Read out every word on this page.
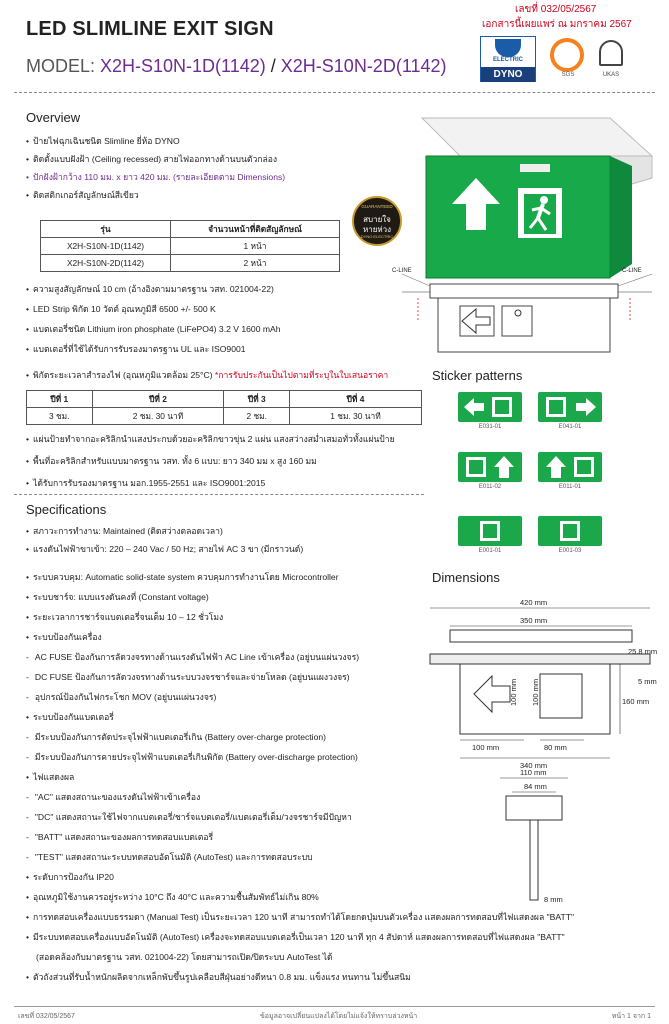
LED SLIMLINE EXIT SIGN
MODEL: X2H-S10N-1D(1142) / X2H-S10N-2D(1142)
เลขที่ 032/05/2567
เอกสารนี้เผยแพร่ ณ มกราคม 2567
ELECTRIC
DYNO	SGS	UKAS
Overview
• ป้ายไฟฉุกเฉินชนิด Slimline ยี่ห้อ DYNO
• ติดตั้งแบบฝังฝ้า (Ceiling recessed) สายไฟออกทางด้านบนตัวกล่อง
• ปักฝังฝ้ากว้าง 110 มม. x ยาว 420 มม. (รายละเอียดตาม Dimensions)
• ติดสติกเกอร์สัญลักษณ์สีเขียว
รุ่น	จำนวนหน้าที่ติดสัญลักษณ์
X2H-S10N-1D(1142)	1 หน้า
X2H-S10N-2D(1142)	2 หน้า
• ความสูงสัญลักษณ์ 10 cm (อ้างอิงตามมาตรฐาน วสท. 021004-22)
• LED Strip พิกัด 10 วัตต์ อุณหภูมิสี 6500 +/- 500 K
• แบตเตอรี่ชนิด Lithium iron phosphate (LiFePO4) 3.2 V 1600 mAh
• แบตเตอรี่ที่ใช้ได้รับการรับรองมาตรฐาน UL และ ISO9001
• พิกัดระยะเวลาสำรองไฟ (อุณหภูมิแวดล้อม 25°C) *การรับประกันเป็นไปตามที่ระบุในใบเสนอราคา
ปีที่ 1	ปีที่ 2	ปีที่ 3	ปีที่ 4
3 ชม.	2 ชม. 30 นาที	2 ชม.	1 ชม. 30 นาที
• แผ่นป้ายทำจากอะคริลิกนำแสงประกบด้วยอะคริลิกขาวขุ่น 2 แผ่น แสงสว่างสม่ำเสมอทั่วทั้งแผ่นป้าย
• พื้นที่อะคริลิกสำหรับแบบมาตรฐาน วสท. ทั้ง 6 แบบ: ยาว 340 มม x สูง 160 มม
• ได้รับการรับรองมาตรฐาน มอก.1955-2551 และ ISO9001:2015
GUARANTEED
สบายใจ
หายห่วง
DYNO ELECTRIC
C-LINE	C-LINE
Sticker patterns
E031-01	E041-01
E011-02	E011-01
E001-01	E001-03
Dimensions
420 mm
350 mm
25.8 mm
5 mm
160 mm
100 mm 100 mm
100 mm	80 mm
340 mm
110 mm
84 mm
8 mm
Specifications
• สภาวะการทำงาน: Maintained (ติดสว่างตลอดเวลา)
• แรงดันไฟฟ้าขาเข้า: 220 – 240 Vac / 50 Hz; สายไฟ AC 3 ขา (มีกราวนด์)
• ระบบควบคุม: Automatic solid-state system ควบคุมการทำงานโดย Microcontroller
• ระบบชาร์จ: แบบแรงดันคงที่ (Constant voltage)
• ระยะเวลาการชาร์จแบตเตอรี่จนเต็ม 10 – 12 ชั่วโมง
• ระบบป้องกันเครื่อง
- AC FUSE ป้องกันการลัดวงจรทางด้านแรงดันไฟฟ้า AC Line เข้าเครื่อง (อยู่บนแผ่นวงจร)
- DC FUSE ป้องกันการลัดวงจรทางด้านระบบวงจรชาร์จและจ่ายโหลด (อยู่บนแผงวงจร)
- อุปกรณ์ป้องกันไฟกระโชก MOV (อยู่บนแผ่นวงจร)
• ระบบป้องกันแบตเตอรี่
- มีระบบป้องกันการตัดประจุไฟฟ้าแบตเตอรี่เกิน (Battery over-charge protection)
- มีระบบป้องกันการคายประจุไฟฟ้าแบตเตอรี่เกินพิกัด (Battery over-discharge protection)
• ไฟแสดงผล
- "AC" แสดงสถานะของแรงดันไฟฟ้าเข้าเครื่อง
- "DC" แสดงสถานะใช้ไฟจากแบตเตอรี่/ชาร์จแบตเตอรี่/แบตเตอรี่เต็ม/วงจรชาร์จมีปัญหา
- "BATT" แสดงสถานะของผลการทดสอบแบตเตอรี่
- "TEST" แสดงสถานะระบบทดสอบอัตโนมัติ (AutoTest) และการทดสอบระบบ
• ระดับการป้องกัน IP20
• อุณหภูมิใช้งานควรอยู่ระหว่าง 10°C ถึง 40°C และความชื้นสัมพัทธ์ไม่เกิน 80%
• การทดสอบเครื่องแบบธรรมดา (Manual Test) เป็นระยะเวลา 120 นาที สามารถทำได้โดยกดปุ่มบนตัวเครื่อง แสดงผลการทดสอบที่ไฟแสดงผล "BATT"
• มีระบบทดสอบเครื่องแบบอัตโนมัติ (AutoTest) เครื่องจะทดสอบแบตเตอรี่เป็นเวลา 120 นาที ทุก 4 สัปดาห์ แสดงผลการทดสอบที่ไฟแสดงผล "BATT"
(สอดคล้องกับมาตรฐาน วสท. 021004-22) โดยสามารถเปิด/ปิดระบบ AutoTest ได้
• ตัวถังส่วนที่รับน้ำหนักผลิตจากเหล็กพับขึ้นรูปเคลือบสีฝุ่นอย่างดีหนา 0.8 มม. แข็งแรง ทนทาน ไม่ขึ้นสนิม
เลขที่ 032/05/2567	ข้อมูลอาจเปลี่ยนแปลงได้โดยไม่แจ้งให้ทราบล่วงหน้า	หน้า 1 จาก 1
